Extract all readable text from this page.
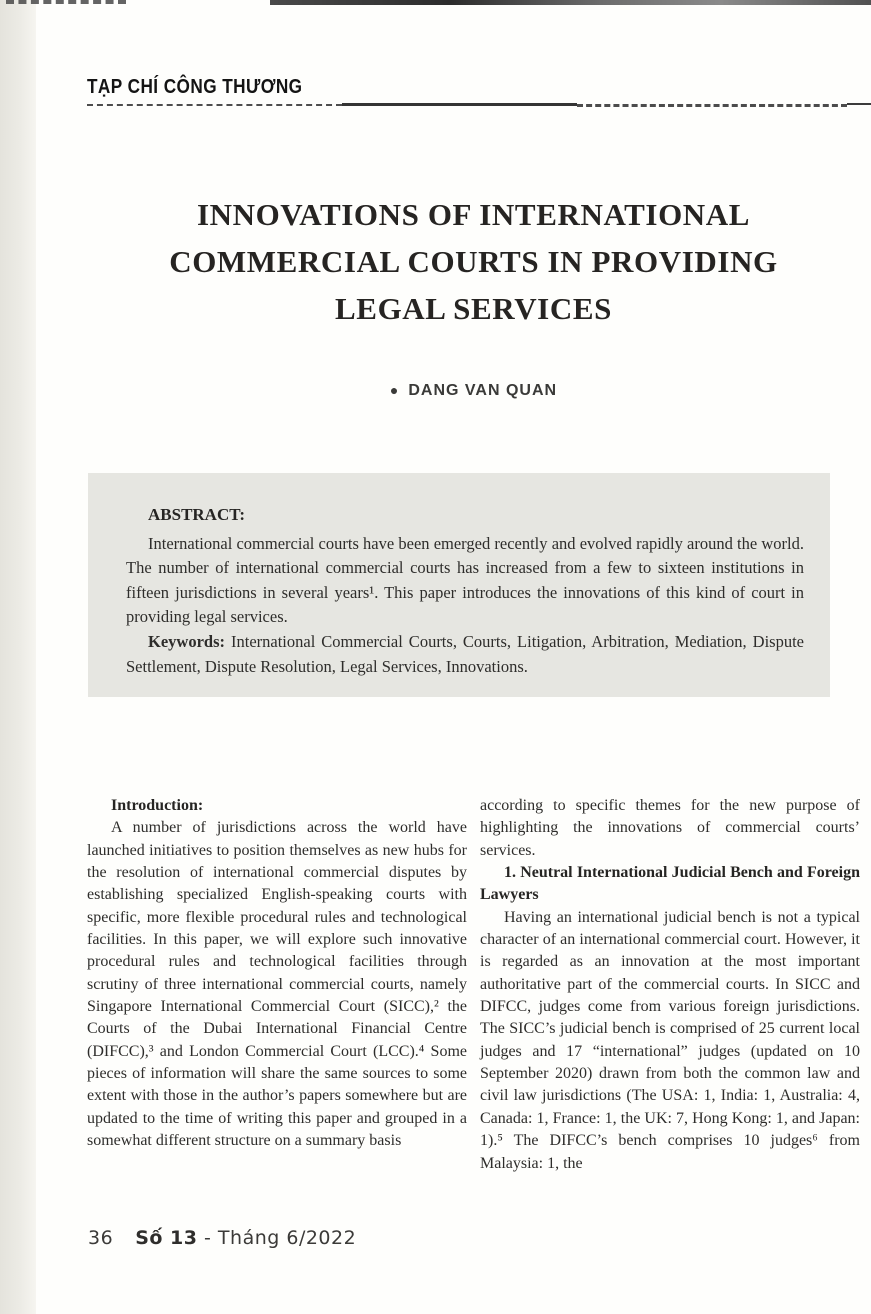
TẠP CHÍ CÔNG THƯƠNG
INNOVATIONS OF INTERNATIONAL
COMMERCIAL COURTS IN PROVIDING
LEGAL SERVICES
● DANG VAN QUAN

ABSTRACT:

International commercial courts have been emerged recently and evolved rapidly around the world. The number of international commercial courts has increased from a few to sixteen institutions in fifteen jurisdictions in several years¹. This paper introduces the innovations of this kind of court in providing legal services.

Keywords: International Commercial Courts, Courts, Litigation, Arbitration, Mediation, Dispute Settlement, Dispute Resolution, Legal Services, Innovations.

Introduction:

A number of jurisdictions across the world have launched initiatives to position themselves as new hubs for the resolution of international commercial disputes by establishing specialized English-speaking courts with specific, more flexible procedural rules and technological facilities. In this paper, we will explore such innovative procedural rules and technological facilities through scrutiny of three international commercial courts, namely Singapore International Commercial Court (SICC),² the Courts of the Dubai International Financial Centre (DIFCC),³ and London Commercial Court (LCC).⁴ Some pieces of information will share the same sources to some extent with those in the author’s papers somewhere but are updated to the time of writing this paper and grouped in a somewhat different structure on a summary basis

according to specific themes for the new purpose of highlighting the innovations of commercial courts’ services.

1. Neutral International Judicial Bench and Foreign Lawyers

Having an international judicial bench is not a typical character of an international commercial court. However, it is regarded as an innovation at the most important authoritative part of the commercial courts. In SICC and DIFCC, judges come from various foreign jurisdictions. The SICC’s judicial bench is comprised of 25 current local judges and 17 “international” judges (updated on 10 September 2020) drawn from both the common law and civil law jurisdictions (The USA: 1, India: 1, Australia: 4, Canada: 1, France: 1, the UK: 7, Hong Kong: 1, and Japan: 1).⁵ The DIFCC’s bench comprises 10 judges⁶ from Malaysia: 1, the

36 Số 13 - Tháng 6/2022
